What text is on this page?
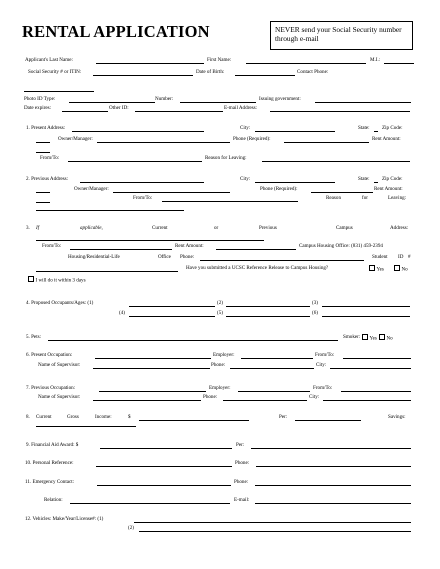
RENTAL APPLICATION	NEVER send your Social Security number through e-mail
Applicant's Last Name:	First Name:	M.I.:
Social Security # or ITIN:	Date of Birth:	Contact Phone:
Photo ID Type:	Number:	Issuing government:
Date expires:	Other ID:	E-mail Address:
1. Present Address:	City:	State: Zip Code:
Owner/Manager:	Phone (Required):	Rent Amount:
From/To:	Reason for Leaving:
2. Previous Address:	City:	State: Zip Code:
Owner/Manager:	Phone (Required):	Rent Amount:
From/To:	Reason	for	Leaving:
3. If	applicable,	Current	or	Previous	Campus	Address:
From/To:	Rent Amount:	Campus Housing Office: (831) 459-2394
Housing/Residential-Life	Office Phone:	Student ID #
Have you submitted a UCSC Reference Release to Campus Housing?	Yes	No
I will do it within 3 days
4. Proposed Occupants/Ages: (1)	(2)	(3)
(4)	(5)	(6)
5. Pets:	Smoker:	Yes	No
6. Present Occupation:	Employer:	From/To:
Name of Supervisor:	Phone:	City:
7. Previous Occupation:	Employer:	From/To:
Name of Supervisor:	Phone:	City:
8. Current	Gross	Income:	$	Per:	Savings:
9. Financial Aid Award: $	Per:
10. Personal Reference:	Phone:
11. Emergency Contact:	Phone:
Relation:	E-mail:
12. Vehicles: Make/Year/License#: (1)
(2)
